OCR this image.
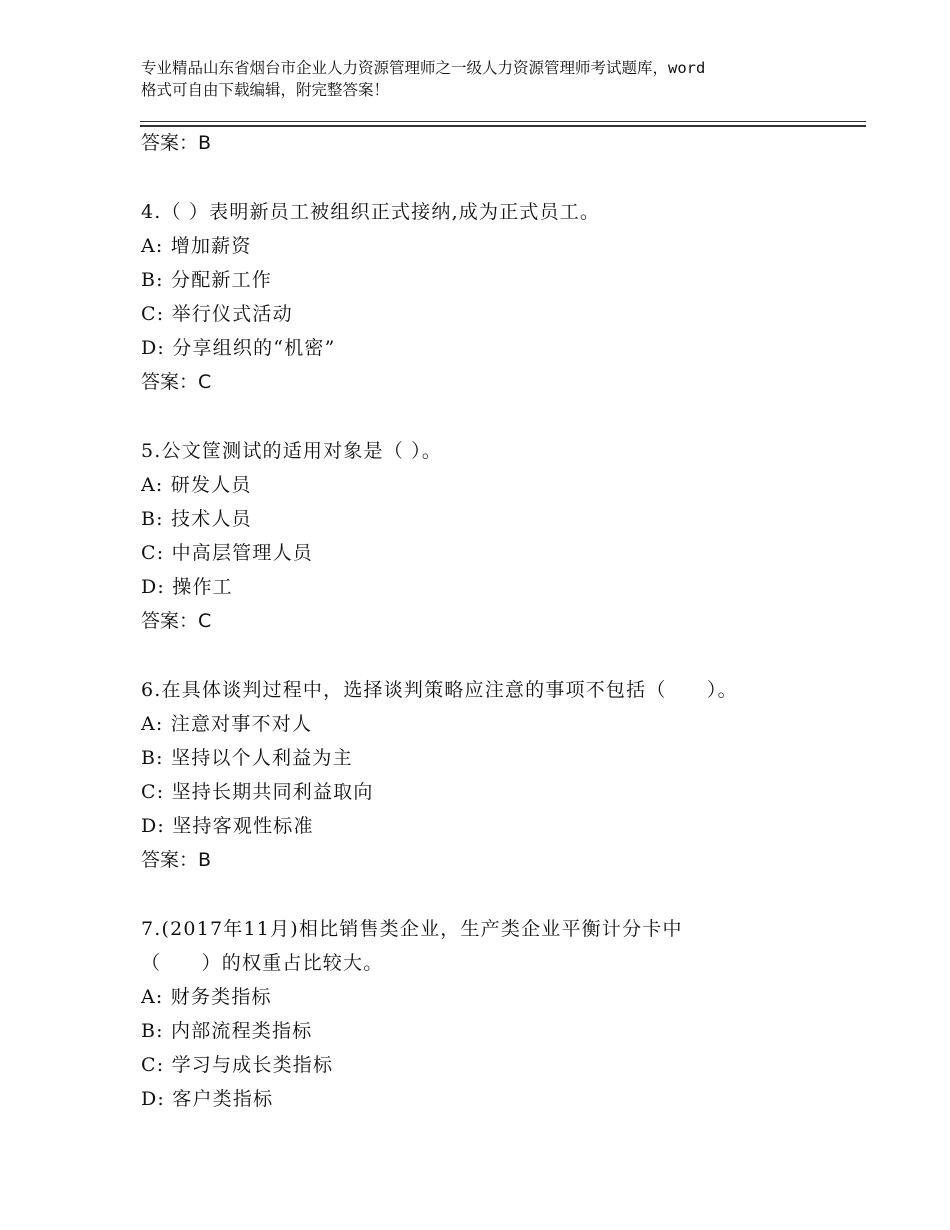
专业精品山东省烟台市企业人力资源管理师之一级人力资源管理师考试题库，word
格式可自由下载编辑，附完整答案！
答案：B
4.（ ）表明新员工被组织正式接纳,成为正式员工。
A: 增加薪资
B: 分配新工作
C: 举行仪式活动
D: 分享组织的“机密”
答案：C
5.公文筐测试的适用对象是（ ）。
A: 研发人员
B: 技术人员
C: 中高层管理人员
D: 操作工
答案：C
6.在具体谈判过程中，选择谈判策略应注意的事项不包括（　　）。
A: 注意对事不对人
B: 坚持以个人利益为主
C: 坚持长期共同利益取向
D: 坚持客观性标准
答案：B
7.(2017年11月)相比销售类企业，生产类企业平衡计分卡中
（　　）的权重占比较大。
A: 财务类指标
B: 内部流程类指标
C: 学习与成长类指标
D: 客户类指标
